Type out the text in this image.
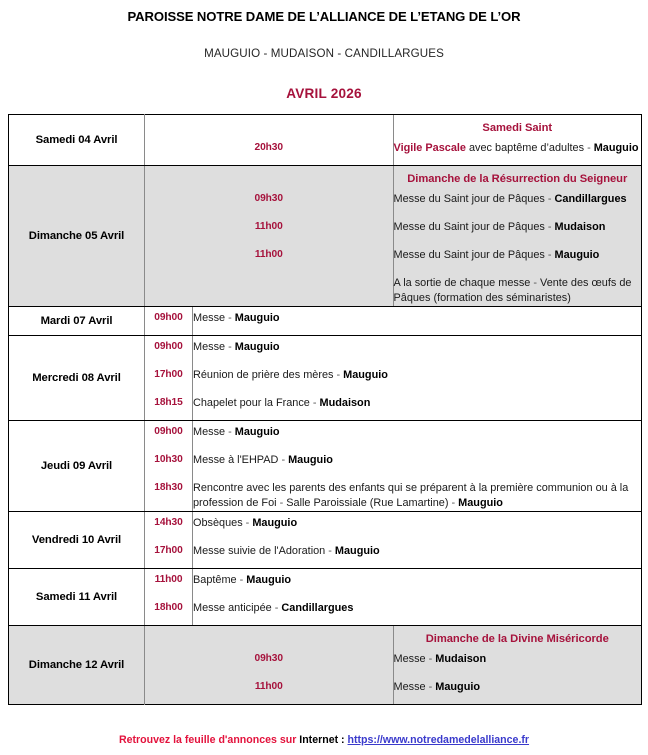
PAROISSE NOTRE DAME DE L’ALLIANCE DE L’ETANG DE L’OR
MAUGUIO - MUDAISON - CANDILLARGUES
AVRIL 2026
Samedi 04 Avril	
	Samedi Saint
20h30	Vigile Pascale avec baptême d’adultes - Mauguio

Dimanche 05 Avril	
	Dimanche de la Résurrection du Seigneur
09h30	Messe du Saint jour de Pâques - Candillargues
11h00	Messe du Saint jour de Pâques - Mudaison
11h00	Messe du Saint jour de Pâques - Mauguio
	A la sortie de chaque messe - Vente des œufs de Pâques (formation des séminaristes)

Mardi 07 Avril		09h00	Messe - Mauguio

Mercredi 08 Avril	
09h00	Messe - Mauguio
17h00	Réunion de prière des mères - Mauguio
18h15	Chapelet pour la France - Mudaison

Jeudi 09 Avril	
09h00	Messe - Mauguio
10h30	Messe à l'EHPAD - Mauguio
18h30	Rencontre avec les parents des enfants qui se préparent à la première communion ou à la profession de Foi - Salle Paroissiale (Rue Lamartine) - Mauguio

Vendredi 10 Avril	
14h30	Obsèques - Mauguio
17h00	Messe suivie de l'Adoration - Mauguio

Samedi 11 Avril	
11h00	Baptême - Mauguio
18h00	Messe anticipée - Candillargues

Dimanche 12 Avril	
	Dimanche de la Divine Miséricorde
09h30	Messe - Mudaison
11h00	Messe - Mauguio
Retrouvez la feuille d'annonces sur Internet : https://www.notredamedelalliance.fr
